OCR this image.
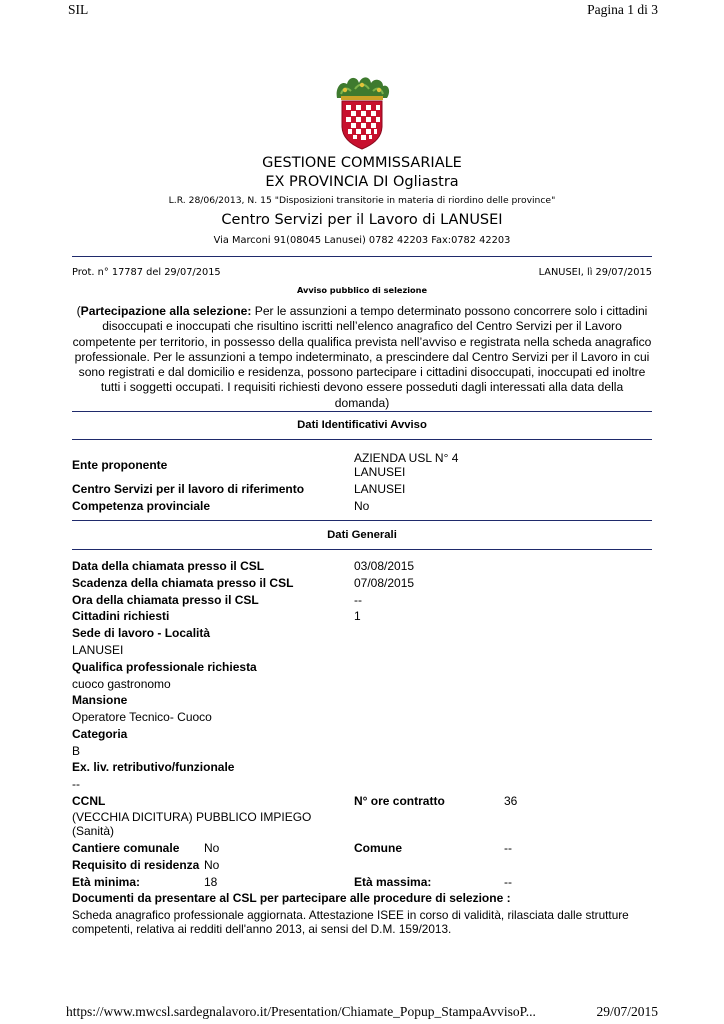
SIL	Pagina 1 di 3
GESTIONE COMMISSARIALE
EX PROVINCIA DI Ogliastra
L.R. 28/06/2013, N. 15 "Disposizioni transitorie in materia di riordino delle province"
Centro Servizi per il Lavoro di LANUSEI
Via Marconi 91(08045 Lanusei) 0782 42203 Fax:0782 42203
Prot. n° 17787 del 29/07/2015	LANUSEI, lì 29/07/2015
Avviso pubblico di selezione
(Partecipazione alla selezione: Per le assunzioni a tempo determinato possono concorrere solo i cittadini disoccupati e inoccupati che risultino iscritti nell’elenco anagrafico del Centro Servizi per il Lavoro competente per territorio, in possesso della qualifica prevista nell’avviso e registrata nella scheda anagrafico professionale. Per le assunzioni a tempo indeterminato, a prescindere dal Centro Servizi per il Lavoro in cui sono registrati e dal domicilio e residenza, possono partecipare i cittadini disoccupati, inoccupati ed inoltre tutti i soggetti occupati. I requisiti richiesti devono essere posseduti dagli interessati alla data della domanda)
Dati Identificativi Avviso
Ente proponente	AZIENDA USL N° 4
LANUSEI
Centro Servizi per il lavoro di riferimento	LANUSEI
Competenza provinciale	No
Dati Generali
Data della chiamata presso il CSL	03/08/2015
Scadenza della chiamata presso il CSL	07/08/2015
Ora della chiamata presso il CSL	--
Cittadini richiesti	1
Sede di lavoro - Località
LANUSEI
Qualifica professionale richiesta
cuoco gastronomo
Mansione
Operatore Tecnico- Cuoco
Categoria
B
Ex. liv. retributivo/funzionale
--
CCNL	N° ore contratto	36
(VECCHIA DICITURA) PUBBLICO IMPIEGO
(Sanità)
Cantiere comunale No	Comune	--
Requisito di residenza No
Età minima:	18	Età massima:	--
Documenti da presentare al CSL per partecipare alle procedure di selezione :
Scheda anagrafico professionale aggiornata. Attestazione ISEE in corso di validità, rilasciata dalle strutture competenti, relativa ai redditi dell'anno 2013, ai sensi del D.M. 159/2013.
https://www.mwcsl.sardegnalavoro.it/Presentation/Chiamate_Popup_StampaAvvisoP...	29/07/2015
